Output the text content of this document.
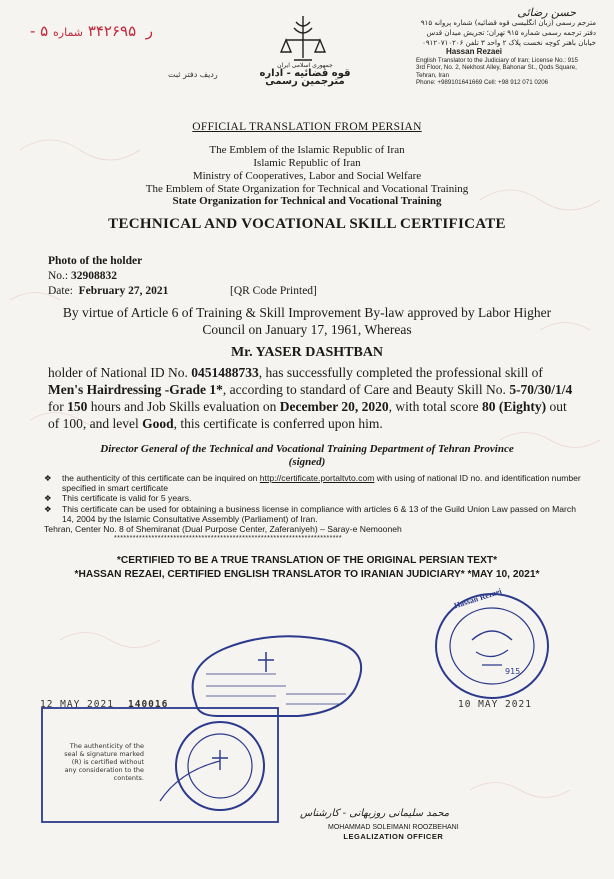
- ۵ ر  ۳۴۲۶۹۵ شماره
ردیف دفتر ثبت
جمهوری اسلامی ایران
قوه قضائیه - اداره مترجمین رسمی
حسن رضائی
مترجم رسمی (زبان انگلیسی قوه قضائیه) شماره پروانه ۹۱۵
دفتر ترجمه رسمی شماره ۹۱۵ تهران؛ تجریش میدان قدس
خیابان باهنر کوچه نخست پلاک ۲ واحد ۳ تلفن ۰۹۱۲۰۷۱۰۲۰۶
Hassan Rezaei
English Translator to the Judiciary of Iran; License No.: 915
3rd Floor, No. 2, Nekhost Alley, Bahonar St., Qods Square, Tehran, Iran
Phone: +989101641669 Cell: +98 912 071 0206
OFFICIAL TRANSLATION FROM PERSIAN
The Emblem of the Islamic Republic of Iran
Islamic Republic of Iran
Ministry of Cooperatives, Labor and Social Welfare
The Emblem of State Organization for Technical and Vocational Training
State Organization for Technical and Vocational Training
TECHNICAL AND VOCATIONAL SKILL CERTIFICATE
Photo of the holder
No.: 32908832
Date: February 27, 2021	[QR Code Printed]
By virtue of Article 6 of Training & Skill Improvement By-law approved by Labor Higher Council on January 17, 1961, Whereas
Mr. YASER DASHTBAN
holder of National ID No. 0451488733, has successfully completed the professional skill of Men's Hairdressing -Grade 1*, according to standard of Care and Beauty Skill No. 5-70/30/1/4 for 150 hours and Job Skills evaluation on December 20, 2020, with total score 80 (Eighty) out of 100, and level Good, this certificate is conferred upon him.
Director General of the Technical and Vocational Training Department of Tehran Province
(signed)
❖ the authenticity of this certificate can be inquired on http://certificate.portaltvto.com with using of national ID no. and identification number specified in smart certificate
❖ This certificate is valid for 5 years.
❖ This certificate can be used for obtaining a business license in compliance with articles 6 & 13 of the Guild Union Law passed on March 14, 2004 by the Islamic Consultative Assembly (Parliament) of Iran.
Tehran, Center No. 8 of Shemiranat (Dual Purpose Center, Zaferaniyeh) – Saray-e Nemooneh
*************************************************************************
*CERTIFIED TO BE A TRUE TRANSLATION OF THE ORIGINAL PERSIAN TEXT*
*HASSAN REZAEI, CERTIFIED ENGLISH TRANSLATOR TO IRANIAN JUDICIARY* *MAY 10, 2021*
Hassan Rezaei
915
12 MAY 2021 140016	10 MAY 2021
The authenticity of the seal & signature marked (R) is certified without any consideration to the contents.
محمد سلیمانی روزبهانی - کارشناس
MOHAMMAD SOLEIMANI ROOZBEHANI
LEGALIZATION OFFICER
